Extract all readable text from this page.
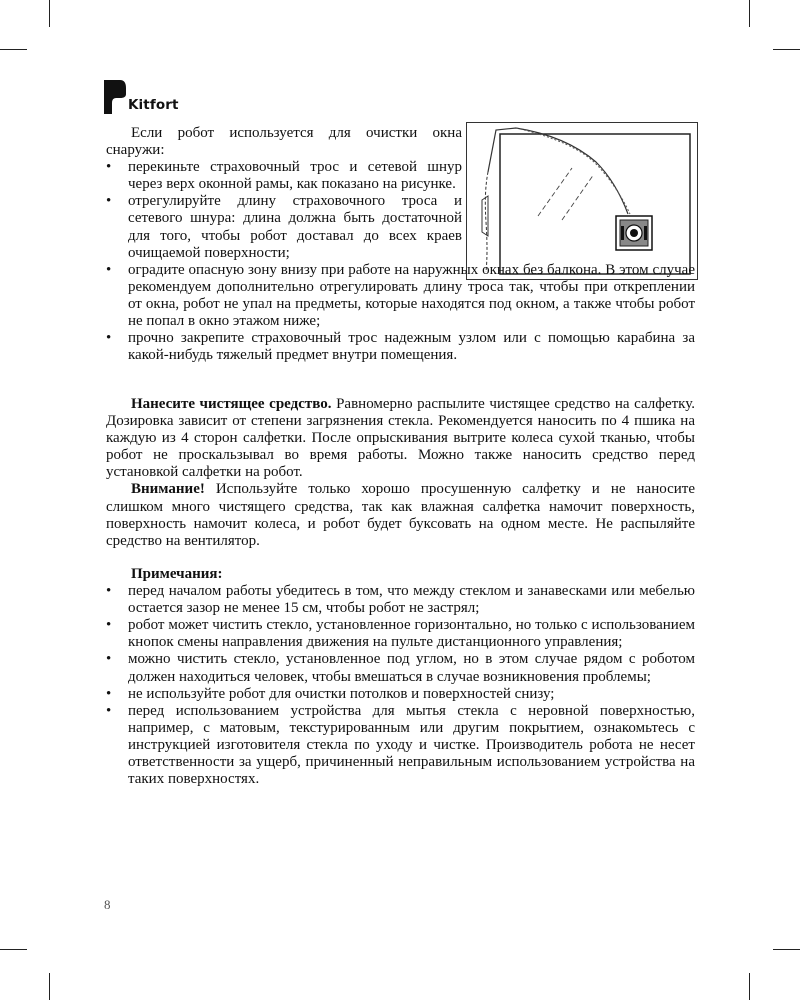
Kitfort

Если робот используется для очистки окна снаружи:

• перекиньте страховочный трос и сетевой шнур через верх оконной рамы, как показано на рисунке.
• отрегулируйте длину страховочного троса и сетевого шнура: длина должна быть достаточной для того, чтобы робот доставал до всех краев очищаемой поверхности;
• оградите опасную зону внизу при работе на наружных окнах без балкона. В этом случае рекомендуем дополнительно отрегулировать длину троса так, чтобы при откреплении от окна, робот не упал на предметы, которые находятся под окном, а также чтобы робот не попал в окно этажом ниже;
• прочно закрепите страховочный трос надежным узлом или с помощью карабина за какой-нибудь тяжелый предмет внутри помещения.

Нанесите чистящее средство. Равномерно распылите чистящее средство на салфетку. Дозировка зависит от степени загрязнения стекла. Рекомендуется наносить по 4 пшика на каждую из 4 сторон салфетки. После опрыскивания вытрите колеса сухой тканью, чтобы робот не проскальзывал во время работы. Можно также наносить средство перед установкой салфетки на робот.

Внимание! Используйте только хорошо просушенную салфетку и не наносите слишком много чистящего средства, так как влажная салфетка намочит поверхность, поверхность намочит колеса, и робот будет буксовать на одном месте. Не распыляйте средство на вентилятор.

Примечания:

• перед началом работы убедитесь в том, что между стеклом и занавесками или мебелью остается зазор не менее 15 см, чтобы робот не застрял;
• робот может чистить стекло, установленное горизонтально, но только с использованием кнопок смены направления движения на пульте дистанционного управления;
• можно чистить стекло, установленное под углом, но в этом случае рядом с роботом должен находиться человек, чтобы вмешаться в случае возникновения проблемы;
• не используйте робот для очистки потолков и поверхностей снизу;
• перед использованием устройства для мытья стекла с неровной поверхностью, например, с матовым, текстурированным или другим покрытием, ознакомьтесь с инструкцией изготовителя стекла по уходу и чистке. Производитель робота не несет ответственности за ущерб, причиненный неправильным использованием устройства на таких поверхностях.
8
